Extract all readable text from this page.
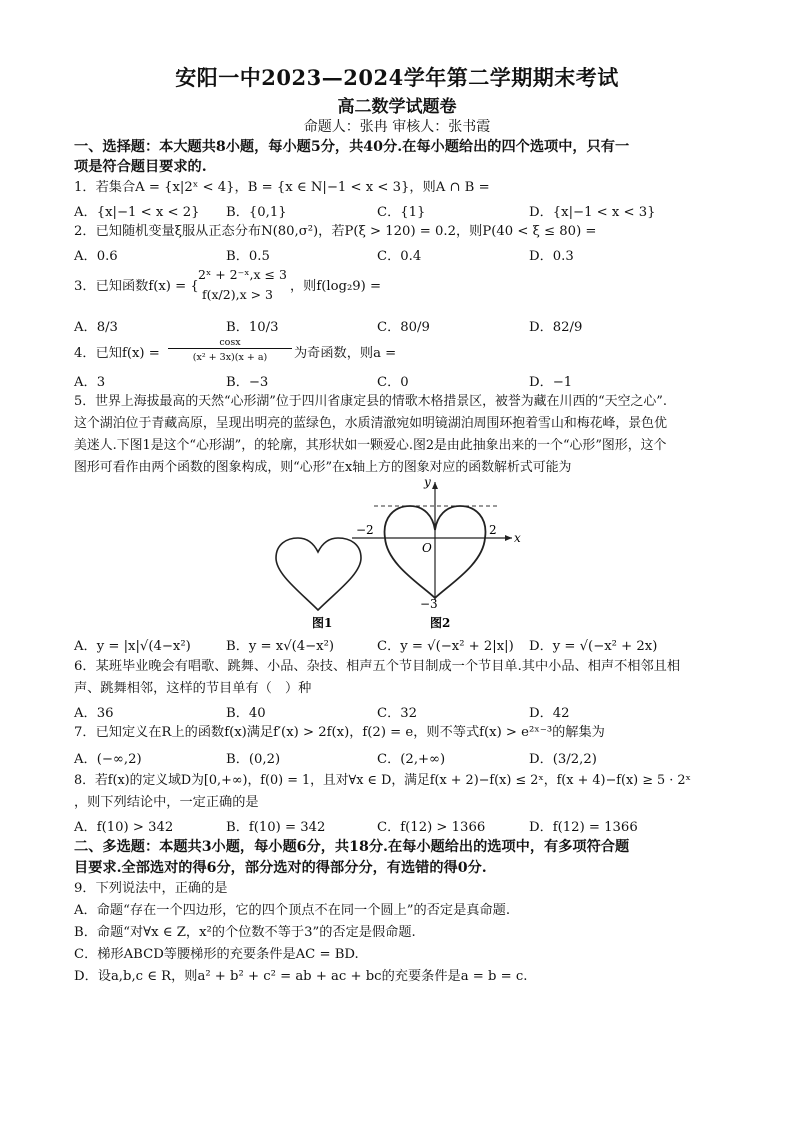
安阳一中2023—2024学年第二学期期末考试
高二数学试题卷
命题人：张冉 审核人：张书霞
一、选择题：本大题共8小题，每小题5分，共40分.在每小题给出的四个选项中，只有一
项是符合题目要求的.
1．若集合A = {x|2ˣ < 4}，B = {x ∈ N|−1 < x < 3}，则A ∩ B =
A．{x|−1 < x < 2} B．{0,1}	C．{1}	D．{x|−1 < x < 3}
2．已知随机变量ξ服从正态分布N(80,σ²)，若P(ξ > 120) = 0.2，则P(40 < ξ ≤ 80) =
A．0.6	B．0.5	C．0.4	D．0.3
3．已知函数f(x) = {
2ˣ + 2⁻ˣ,x ≤ 3
f(x/2),x > 3
，则f(log₂9) =
A．8/3	B．10/3	C．80/9	D．82/9
4．已知f(x) =
cosx
(x² + 3x)(x + a)	为奇函数，则a =
A．3	B．−3	C．0	D．−1
5．世界上海拔最高的天然“心形湖”位于四川省康定县的情歌木格措景区，被誉为藏在川西的“天空之心”.
这个湖泊位于青藏高原，呈现出明亮的蓝绿色，水质清澈宛如明镜湖泊周围环抱着雪山和梅花峰，景色优
美迷人.下图1是这个“心形湖”，的轮廓，其形状如一颗爱心.图2是由此抽象出来的一个“心形”图形，这个
图形可看作由两个函数的图象构成，则“心形”在x轴上方的图象对应的函数解析式可能为
图1
−2	2
O
−3
y
x
图2
A．y = |x|√(4−x²)	B．y = x√(4−x²)	C．y = √(−x² + 2|x|) D．y = √(−x² + 2x)
6．某班毕业晚会有唱歌、跳舞、小品、杂技、相声五个节目制成一个节目单.其中小品、相声不相邻且相
声、跳舞相邻，这样的节目单有（　）种
A．36	B．40	C．32	D．42
7．已知定义在R上的函数f(x)满足f′(x) > 2f(x)，f(2) = e，则不等式f(x) > e²ˣ⁻³的解集为
A．(−∞,2)	B．(0,2)	C．(2,+∞)	D．(3/2,2)
8．若f(x)的定义域D为[0,+∞)，f(0) = 1，且对∀x ∈ D，满足f(x + 2)−f(x) ≤ 2ˣ，f(x + 4)−f(x) ≥ 5 · 2ˣ
，则下列结论中，一定正确的是
A．f(10) > 342	B．f(10) = 342	C．f(12) > 1366	D．f(12) = 1366
二、多选题：本题共3小题，每小题6分，共18分.在每小题给出的选项中，有多项符合题
目要求.全部选对的得6分，部分选对的得部分分，有选错的得0分.
9．下列说法中，正确的是
A．命题“存在一个四边形，它的四个顶点不在同一个圆上”的否定是真命题.
B．命题“对∀x ∈ Z，x²的个位数不等于3”的否定是假命题.
C．梯形ABCD等腰梯形的充要条件是AC = BD.
D．设a,b,c ∈ R，则a² + b² + c² = ab + ac + bc的充要条件是a = b = c.
